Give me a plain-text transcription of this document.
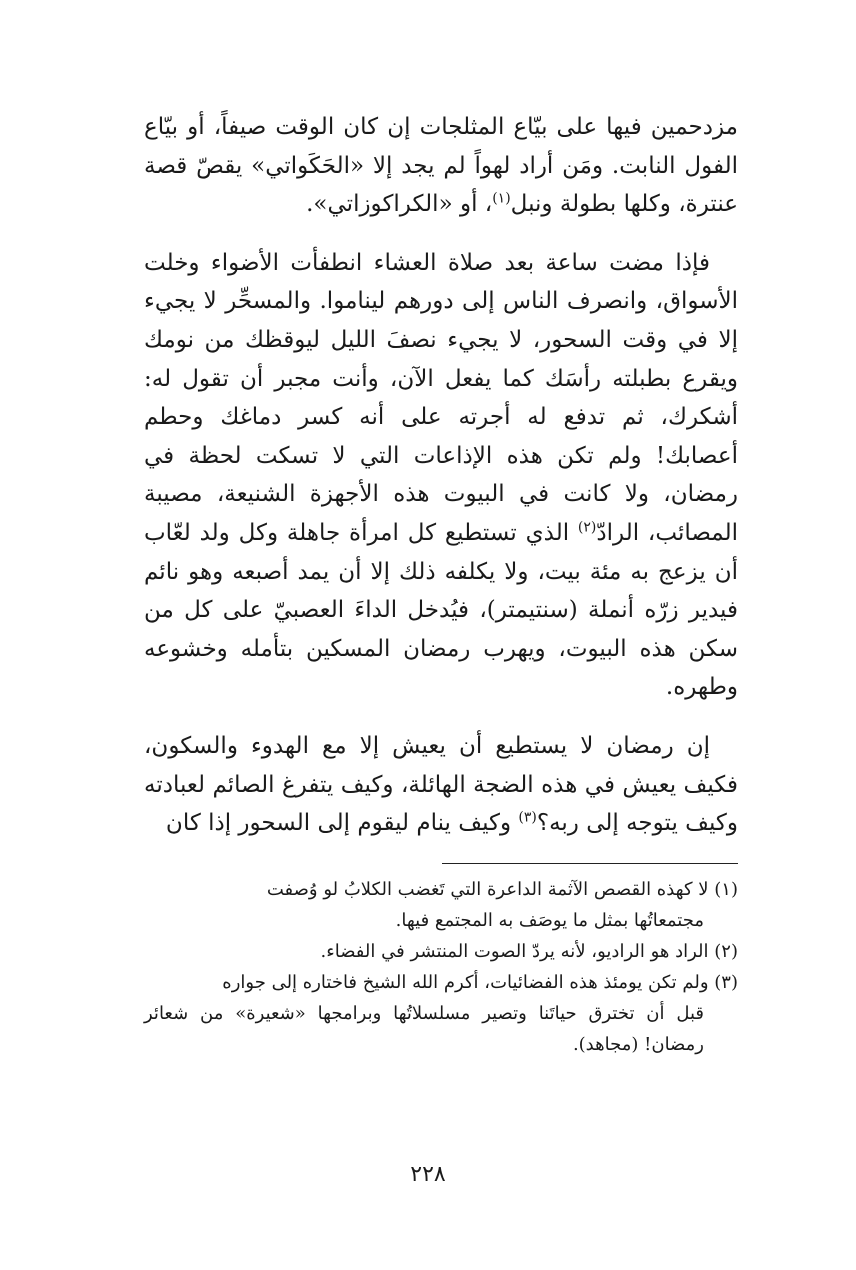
مزدحمين فيها على بيّاع المثلجات إن كان الوقت صيفاً، أو بيّاع الفول النابت. ومَن أراد لهواً لم يجد إلا «الحَكَواتي» يقصّ قصة عنترة، وكلها بطولة ونبل$^{(١)}$، أو «الكراكوزاتي».

فإذا مضت ساعة بعد صلاة العشاء انطفأت الأضواء وخلت الأسواق، وانصرف الناس إلى دورهم ليناموا. والمسحِّر لا يجيء إلا في وقت السحور، لا يجيء نصفَ الليل ليوقظك من نومك ويقرع بطبلته رأسَك كما يفعل الآن، وأنت مجبر أن تقول له: أشكرك، ثم تدفع له أجرته على أنه كسر دماغك وحطم أعصابك! ولم تكن هذه الإذاعات التي لا تسكت لحظة في رمضان، ولا كانت في البيوت هذه الأجهزة الشنيعة، مصيبة المصائب، الرادّ$^{(٢)}$ الذي تستطيع كل امرأة جاهلة وكل ولد لعّاب أن يزعج به مئة بيت، ولا يكلفه ذلك إلا أن يمد أصبعه وهو نائم فيدير زرّه أنملة (سنتيمتر)، فيُدخل الداءَ العصبيّ على كل من سكن هذه البيوت، ويهرب رمضان المسكين بتأمله وخشوعه وطهره.

إن رمضان لا يستطيع أن يعيش إلا مع الهدوء والسكون، فكيف يعيش في هذه الضجة الهائلة، وكيف يتفرغ الصائم لعبادته وكيف يتوجه إلى ربه؟$^{(٣)}$ وكيف ينام ليقوم إلى السحور إذا كان

(١) لا كهذه القصص الآثمة الداعرة التي تَغضب الكلابُ لو وُصفت
مجتمعاتُها بمثل ما يوصَف به المجتمع فيها.
(٢) الراد هو الراديو، لأنه يردّ الصوت المنتشر في الفضاء.
(٣) ولم تكن يومئذ هذه الفضائيات، أكرم الله الشيخ فاختاره إلى جواره
قبل أن تخترق حياتَنا وتصير مسلسلاتُها وبرامجها «شعيرة» من شعائر رمضان! (مجاهد).
٢٢٨
